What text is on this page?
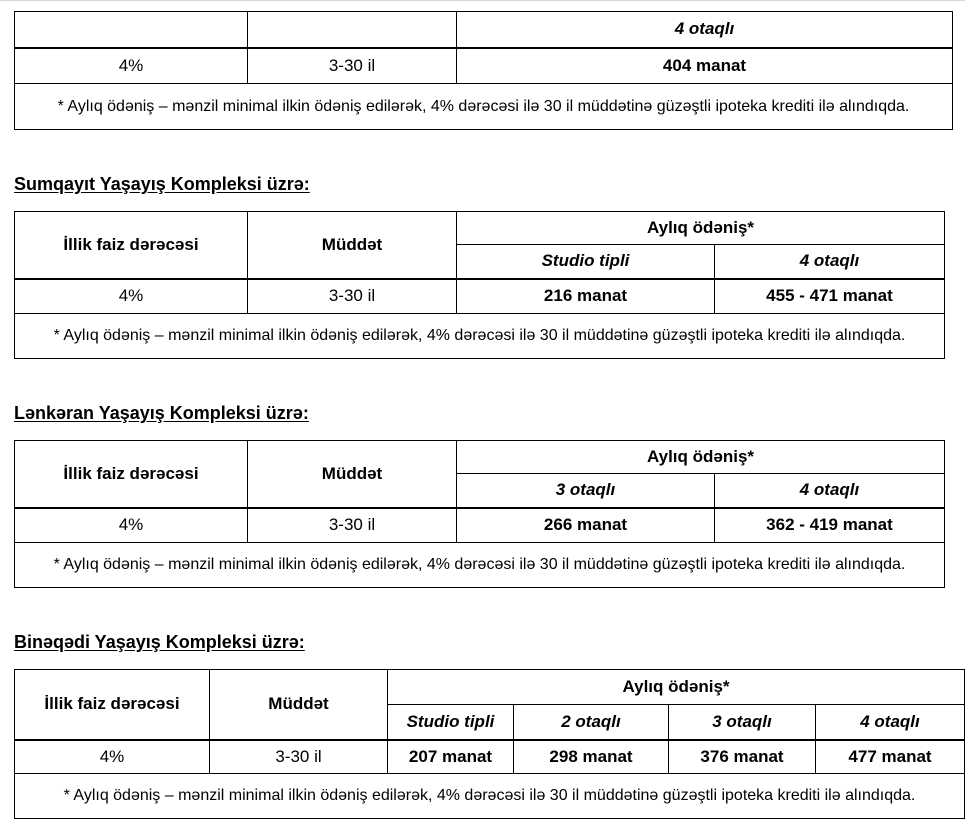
		4 otaqlı
4%	3-30 il	404 manat
* Aylıq ödəniş – mənzil minimal ilkin ödəniş edilərək, 4% dərəcəsi ilə 30 il müddətinə güzəştli ipoteka krediti ilə alındıqda.		

Sumqayıt Yaşayış Kompleksi üzrə:

İllik faiz dərəcəsi	Müddət	Aylıq ödəniş*	
		Studio tipli	4 otaqlı
4%	3-30 il	216 manat	455 - 471 manat
* Aylıq ödəniş – mənzil minimal ilkin ödəniş edilərək, 4% dərəcəsi ilə 30 il müddətinə güzəştli ipoteka krediti ilə alındıqda.			

Lənkəran Yaşayış Kompleksi üzrə:

İllik faiz dərəcəsi	Müddət	Aylıq ödəniş*	
		3 otaqlı	4 otaqlı
4%	3-30 il	266 manat	362 - 419 manat
* Aylıq ödəniş – mənzil minimal ilkin ödəniş edilərək, 4% dərəcəsi ilə 30 il müddətinə güzəştli ipoteka krediti ilə alındıqda.			

Binəqədi Yaşayış Kompleksi üzrə:

İllik faiz dərəcəsi	Müddət	Aylıq ödəniş*			
		Studio tipli	2 otaqlı	3 otaqlı	4 otaqlı
4%	3-30 il	207 manat	298 manat	376 manat	477 manat
* Aylıq ödəniş – mənzil minimal ilkin ödəniş edilərək, 4% dərəcəsi ilə 30 il müddətinə güzəştli ipoteka krediti ilə alındıqda.					
